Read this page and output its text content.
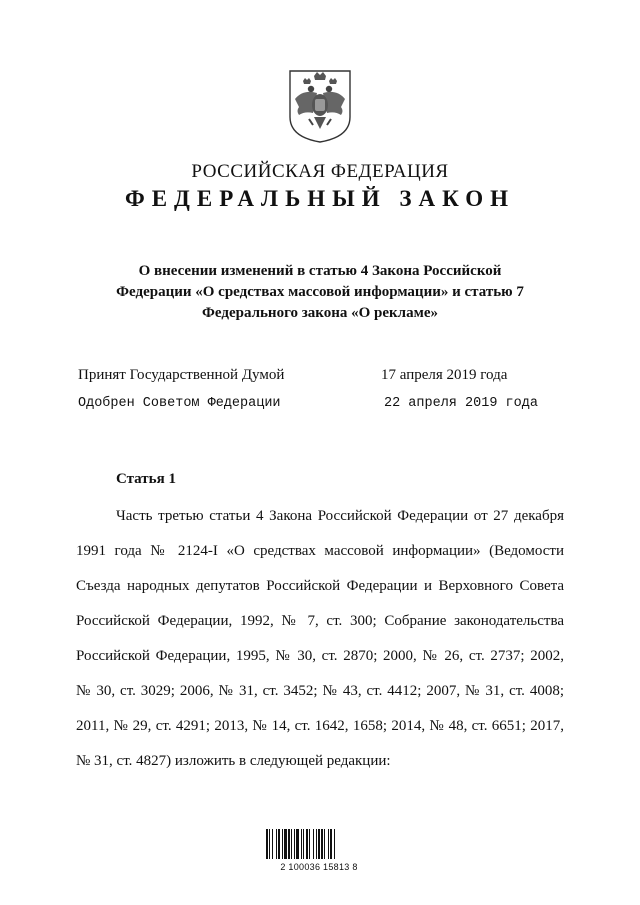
РОССИЙСКАЯ ФЕДЕРАЦИЯ
ФЕДЕРАЛЬНЫЙ ЗАКОН
О внесении изменений в статью 4 Закона Российской
Федерации «О средствах массовой информации» и статью 7
Федерального закона «О рекламе»
Принят Государственной Думой	17 апреля 2019 года
Одобрен Советом Федерации	22 апреля 2019 года
Статья 1
Часть третью статьи 4 Закона Российской Федерации от 27 декабря
1991 года № 2124-I «О средствах массовой информации» (Ведомости
Съезда народных депутатов Российской Федерации и Верховного Совета
Российской Федерации, 1992, № 7, ст. 300; Собрание законодательства
Российской Федерации, 1995, № 30, ст. 2870; 2000, № 26, ст. 2737; 2002,
№ 30, ст. 3029; 2006, № 31, ст. 3452; № 43, ст. 4412; 2007, № 31, ст. 4008;
2011, № 29, ст. 4291; 2013, № 14, ст. 1642, 1658; 2014, № 48, ст. 6651; 2017,
№ 31, ст. 4827) изложить в следующей редакции:
2 100036 15813 8
